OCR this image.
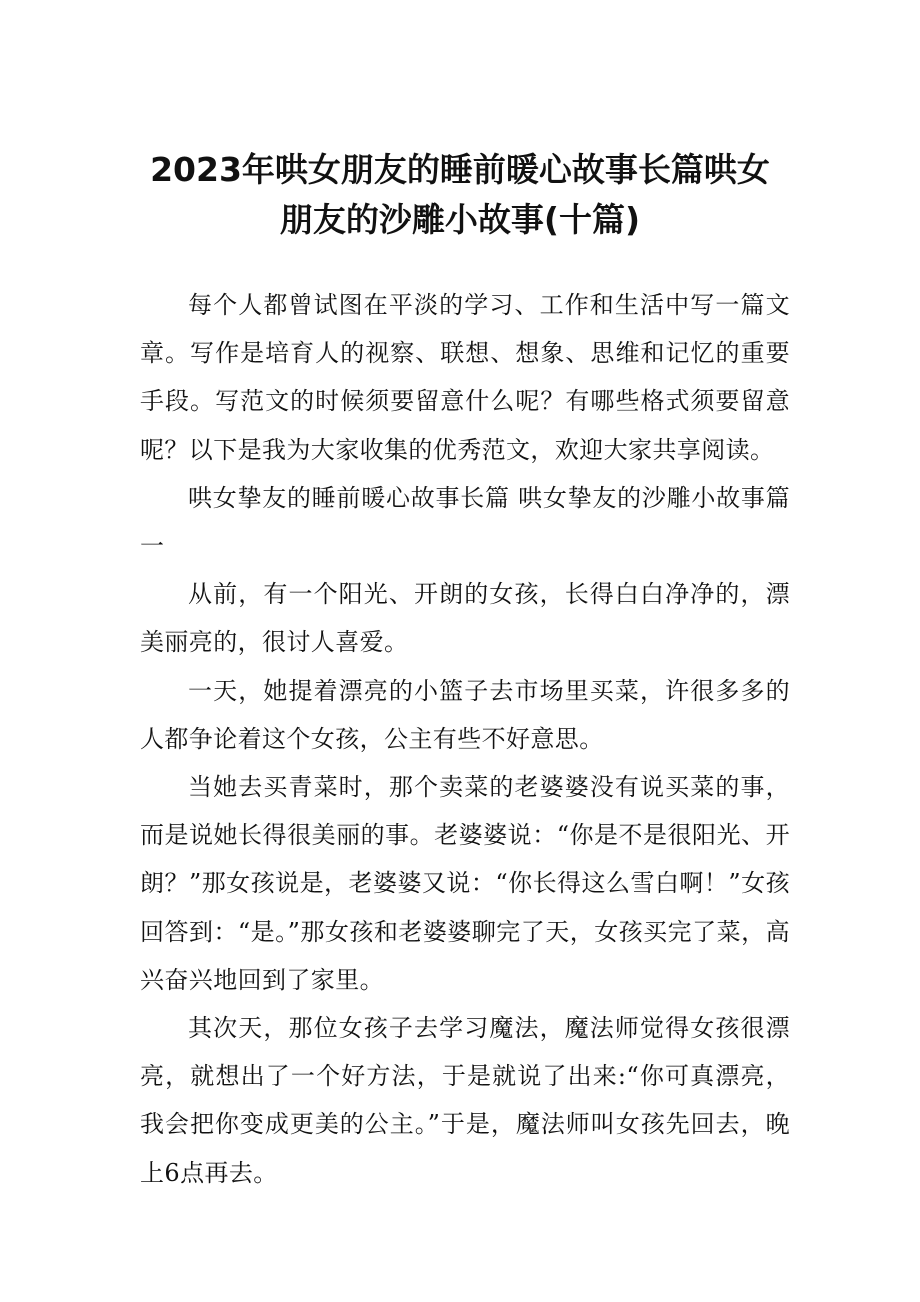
2023年哄女朋友的睡前暖心故事长篇哄女
朋友的沙雕小故事(十篇)

每个人都曾试图在平淡的学习、工作和生活中写一篇文章。写作是培育人的视察、联想、想象、思维和记忆的重要手段。写范文的时候须要留意什么呢？有哪些格式须要留意呢？以下是我为大家收集的优秀范文，欢迎大家共享阅读。

哄女挚友的睡前暖心故事长篇 哄女挚友的沙雕小故事篇一

从前，有一个阳光、开朗的女孩，长得白白净净的，漂美丽亮的，很讨人喜爱。

一天，她提着漂亮的小篮子去市场里买菜，许很多多的人都争论着这个女孩，公主有些不好意思。

当她去买青菜时，那个卖菜的老婆婆没有说买菜的事，而是说她长得很美丽的事。老婆婆说：“你是不是很阳光、开朗？”那女孩说是，老婆婆又说：“你长得这么雪白啊！”女孩回答到：“是。”那女孩和老婆婆聊完了天，女孩买完了菜，高兴奋兴地回到了家里。

其次天，那位女孩子去学习魔法，魔法师觉得女孩很漂亮，就想出了一个好方法，于是就说了出来:“你可真漂亮，我会把你变成更美的公主。”于是，魔法师叫女孩先回去，晚上6点再去。
